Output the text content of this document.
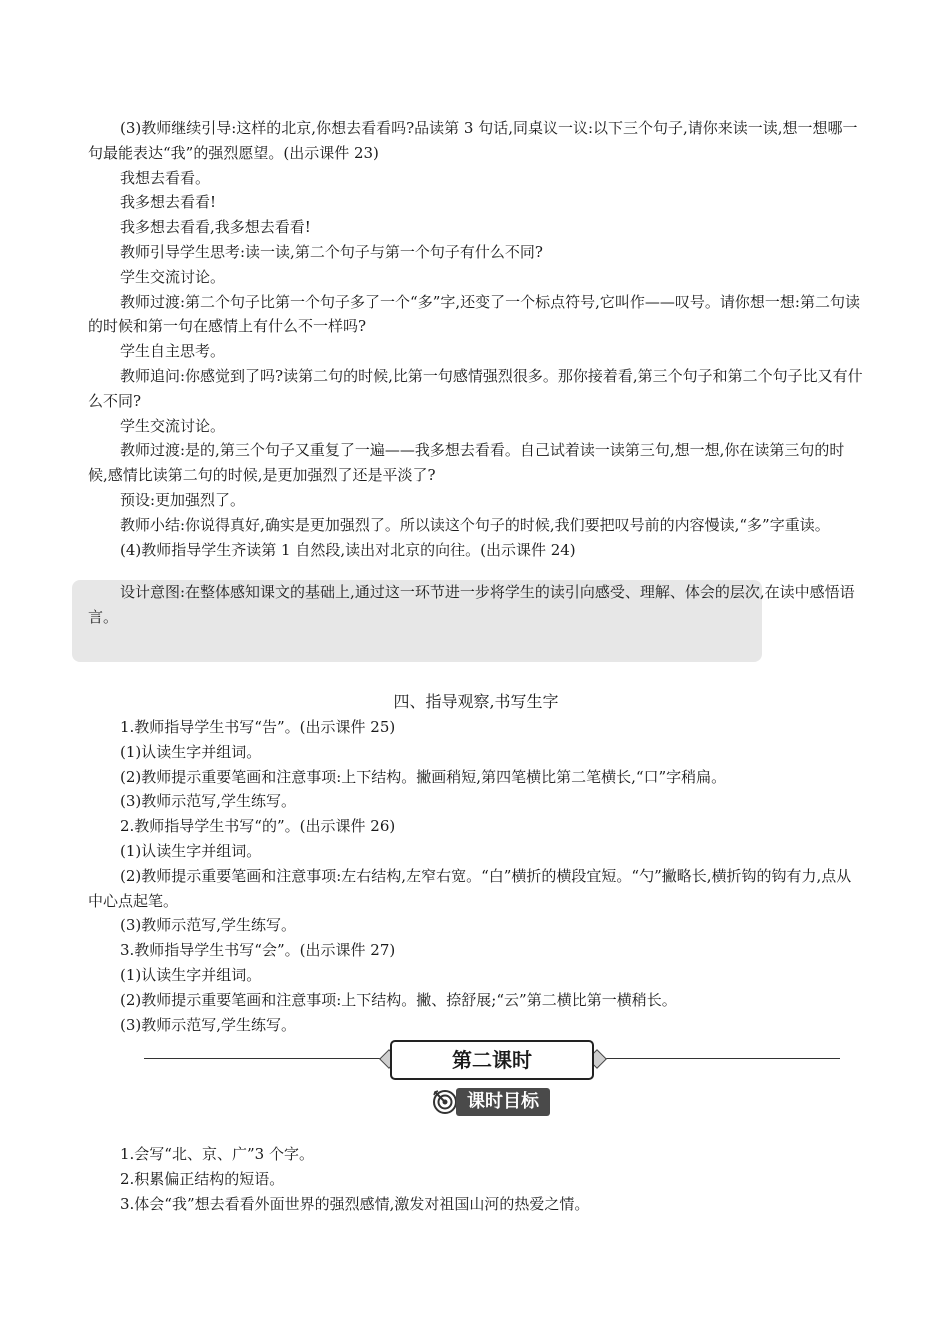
(3)教师继续引导:这样的北京,你想去看看吗?品读第 3 句话,同桌议一议:以下三个句子,请你来读一读,想一想哪一句最能表达“我”的强烈愿望。(出示课件 23)

我想去看看。

我多想去看看!

我多想去看看,我多想去看看!

教师引导学生思考:读一读,第二个句子与第一个句子有什么不同?

学生交流讨论。

教师过渡:第二个句子比第一个句子多了一个“多”字,还变了一个标点符号,它叫作——叹号。请你想一想:第二句读的时候和第一句在感情上有什么不一样吗?

学生自主思考。

教师追问:你感觉到了吗?读第二句的时候,比第一句感情强烈很多。那你接着看,第三个句子和第二个句子比又有什么不同?

学生交流讨论。

教师过渡:是的,第三个句子又重复了一遍——我多想去看看。自己试着读一读第三句,想一想,你在读第三句的时候,感情比读第二句的时候,是更加强烈了还是平淡了?

预设:更加强烈了。

教师小结:你说得真好,确实是更加强烈了。所以读这个句子的时候,我们要把叹号前的内容慢读,“多”字重读。

(4)教师指导学生齐读第 1 自然段,读出对北京的向往。(出示课件 24)

设计意图:在整体感知课文的基础上,通过这一环节进一步将学生的读引向感受、理解、体会的层次,在读中感悟语言。

四、指导观察,书写生字

1.教师指导学生书写“告”。(出示课件 25)

(1)认读生字并组词。

(2)教师提示重要笔画和注意事项:上下结构。撇画稍短,第四笔横比第二笔横长,“口”字稍扁。

(3)教师示范写,学生练写。

2.教师指导学生书写“的”。(出示课件 26)

(1)认读生字并组词。

(2)教师提示重要笔画和注意事项:左右结构,左窄右宽。“白”横折的横段宜短。“勺”撇略长,横折钩的钩有力,点从中心点起笔。

(3)教师示范写,学生练写。

3.教师指导学生书写“会”。(出示课件 27)

(1)认读生字并组词。

(2)教师提示重要笔画和注意事项:上下结构。撇、捺舒展;“云”第二横比第一横稍长。

(3)教师示范写,学生练写。

第二课时
课时目标

1.会写“北、京、广”3 个字。

2.积累偏正结构的短语。

3.体会“我”想去看看外面世界的强烈感情,激发对祖国山河的热爱之情。
